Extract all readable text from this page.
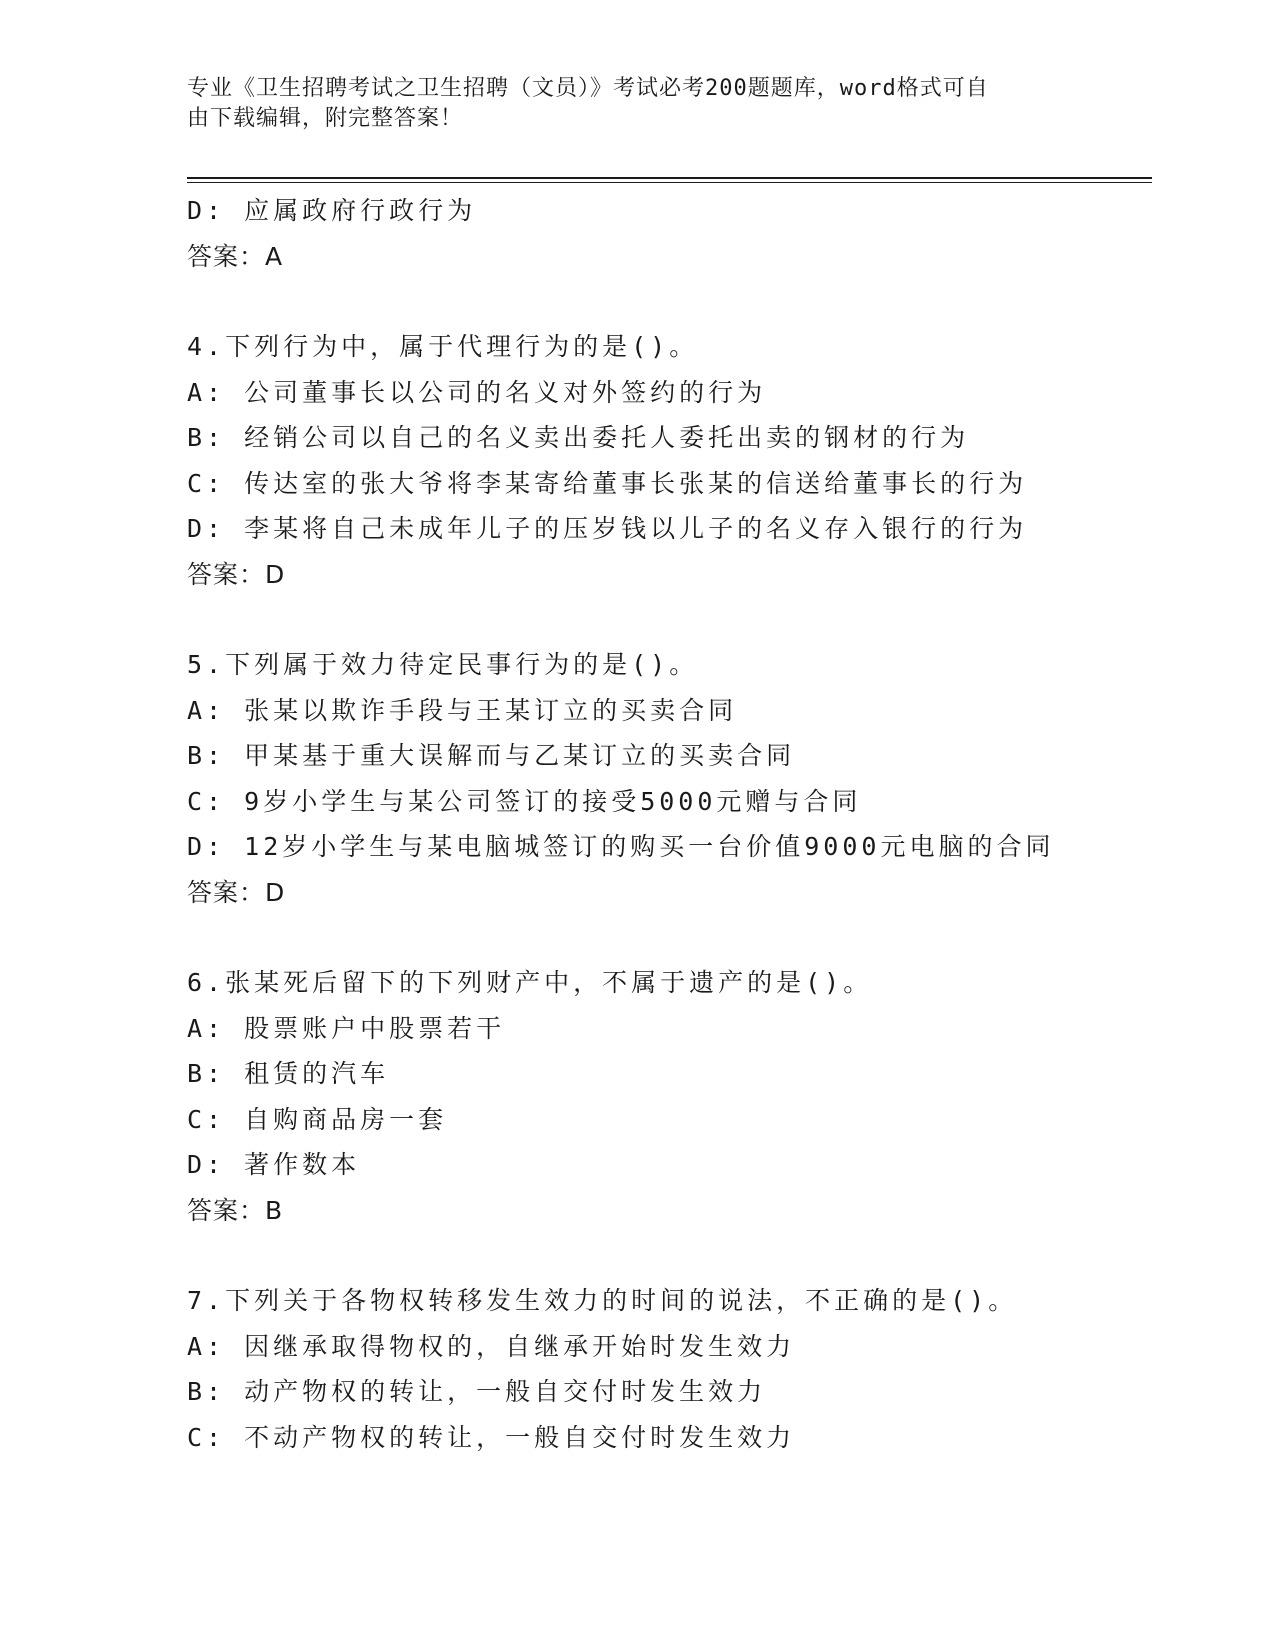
专业《卫生招聘考试之卫生招聘（文员）》考试必考200题题库，word格式可自
由下载编辑，附完整答案！
D: 应属政府行政行为
答案：A
4.下列行为中，属于代理行为的是()。
A: 公司董事长以公司的名义对外签约的行为
B: 经销公司以自己的名义卖出委托人委托出卖的钢材的行为
C: 传达室的张大爷将李某寄给董事长张某的信送给董事长的行为
D: 李某将自己未成年儿子的压岁钱以儿子的名义存入银行的行为
答案：D
5.下列属于效力待定民事行为的是()。
A: 张某以欺诈手段与王某订立的买卖合同
B: 甲某基于重大误解而与乙某订立的买卖合同
C: 9岁小学生与某公司签订的接受5000元赠与合同
D: 12岁小学生与某电脑城签订的购买一台价值9000元电脑的合同
答案：D
6.张某死后留下的下列财产中，不属于遗产的是()。
A: 股票账户中股票若干
B: 租赁的汽车
C: 自购商品房一套
D: 著作数本
答案：B
7.下列关于各物权转移发生效力的时间的说法，不正确的是()。
A: 因继承取得物权的，自继承开始时发生效力
B: 动产物权的转让，一般自交付时发生效力
C: 不动产物权的转让，一般自交付时发生效力
